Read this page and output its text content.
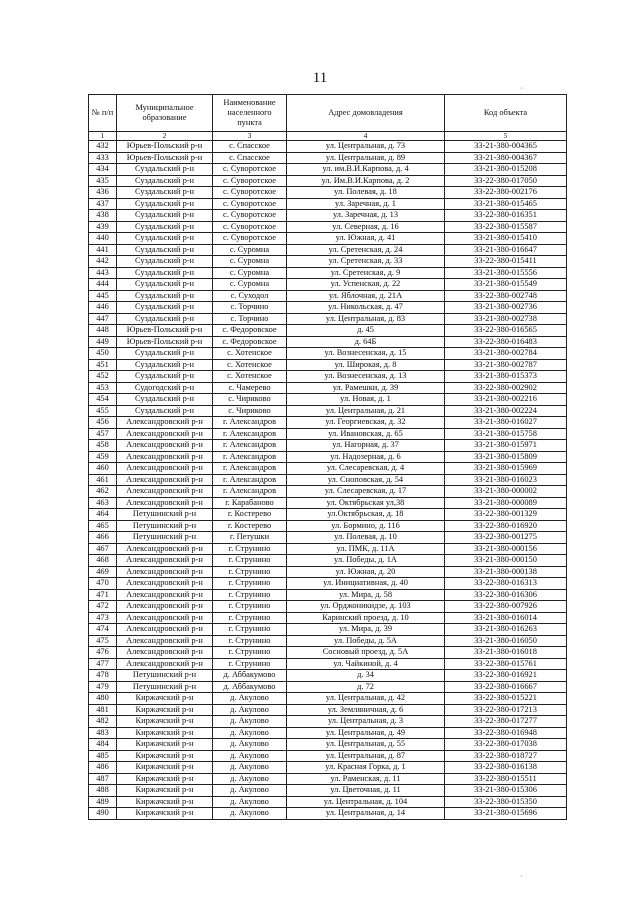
11
№ п/п	Муниципальное образование	Наименование населенного пункта	Адрес домовладения	Код объекта
1	2	3	4	5
432	Юрьев-Польский р-н	с. Спасское	ул. Центральная, д. 73	33-21-380-004365
433	Юрьев-Польский р-н	с. Спасское	ул. Центральная, д. 89	33-21-380-004367
434	Суздальский р-н	с. Суворотское	ул. им.В.И.Карпова, д. 4	33-21-380-015208
435	Суздальский р-н	с. Суворотское	ул. Им.В.И.Карпова, д. 2	33-22-380-017050
436	Суздальский р-н	с. Суворотское	ул. Полевая, д. 18	33-22-380-002176
437	Суздальский р-н	с. Суворотское	ул. Заречная, д. 1	33-21-380-015465
438	Суздальский р-н	с. Суворотское	ул. Заречная, д. 13	33-22-380-016351
439	Суздальский р-н	с. Суворотское	ул. Северная, д. 16	33-22-380-015587
440	Суздальский р-н	с. Суворотское	ул. Южная, д. 41	33-21-380-015410
441	Суздальский р-н	с. Суромна	ул. Сретенская, д. 24	33-21-380-016647
442	Суздальский р-н	с. Суромна	ул. Сретенская, д. 33	33-22-380-015411
443	Суздальский р-н	с. Суромна	ул. Сретенская, д. 9	33-21-380-015556
444	Суздальский р-н	с. Суромна	ул. Успенская, д. 22	33-21-380-015549
445	Суздальский р-н	с. Суходол	ул. Яблочная, д. 21А	33-22-380-002748
446	Суздальский р-н	с. Торчино	ул. Никольская, д. 47	33-21-380-002736
447	Суздальский р-н	с. Торчино	ул. Центральная, д. 83	33-21-380-002738
448	Юрьев-Польский р-н	с. Федоровское	д. 45	33-22-380-016565
449	Юрьев-Польский р-н	с. Федоровское	д. 64Б	33-22-380-016483
450	Суздальский р-н	с. Хотенское	ул. Вознесенская, д. 15	33-21-380-002784
451	Суздальский р-н	с. Хотенское	ул. Широкая, д. 8	33-21-380-002787
452	Суздальский р-н	с. Хотенское	ул. Вознесенская, д. 13	33-21-380-015373
453	Судогодский р-н	с. Чамерево	ул. Рамешки, д. 39	33-22-380-002902
454	Суздальский р-н	с. Чириково	ул. Новая, д. 1	33-21-380-002216
455	Суздальский р-н	с. Чириково	ул. Центральная, д. 21	33-21-380-002224
456	Александровский р-н	г. Александров	ул. Георгиевская, д. 32	33-21-380-016027
457	Александровский р-н	г. Александров	ул. Ивановская, д. 65	33-21-380-015758
458	Александровский р-н	г. Александров	ул. Нагорная, д. 37	33-21-380-015971
459	Александровский р-н	г. Александров	ул. Надозерная, д. 6	33-21-380-015809
460	Александровский р-н	г. Александров	ул. Слесаревская, д. 4	33-21-380-015969
461	Александровский р-н	г. Александров	ул. Сноповская, д. 54	33-21-380-016023
462	Александровский р-н	г. Александров	ул. Слесаревская, д. 17	33-21-380-000002
463	Александровский р-н	г. Карабаново	ул. Октябрьская ул,38	33-21-380-000089
464	Петушинский р-н	г. Костерево	ул.Октябрьская, д. 18	33-22-380-001329
465	Петушинский р-н	г. Костерево	ул. Бормино, д. 116	33-22-380-016920
466	Петушинский р-н	г. Петушки	ул. Полевая, д. 10	33-22-380-001275
467	Александровский р-н	г. Струнино	ул. ПМК, д. 11А	33-21-380-000156
468	Александровский р-н	г. Струнино	ул. Победы, д. 1А	33-21-380-000150
469	Александровский р-н	г. Струнино	ул. Южная, д. 20	33-21-380-000138
470	Александровский р-н	г. Струнино	ул. Инициативная, д. 40	33-22-380-016313
471	Александровский р-н	г. Струнино	ул. Мира, д. 58	33-22-380-016306
472	Александровский р-н	г. Струнино	ул. Орджоникидзе, д. 103	33-22-380-007926
473	Александровский р-н	г. Струнино	Каринский проезд, д. 10	33-21-380-016014
474	Александровский р-н	г. Струнино	ул. Мира, д. 39	33-21-380-016263
475	Александровский р-н	г. Струнино	ул. Победы, д. 5А	33-21-380-016050
476	Александровский р-н	г. Струнино	Сосновый проезд, д. 5А	33-21-380-016018
477	Александровский р-н	г. Струнино	ул. Чайкиной, д. 4	33-22-380-015761
478	Петушинский р-н	д. Аббакумово	д. 34	33-22-380-016921
479	Петушинский р-н	д. Аббакумово	д. 72	33-22-380-016667
480	Киржачский р-н	д. Акулово	ул. Центральная, д. 42	33-22-380-015221
481	Киржачский р-н	д. Акулово	ул. Земляничная, д. 6	33-22-380-017213
482	Киржачский р-н	д. Акулово	ул. Центральная, д. 3	33-22-380-017277
483	Киржачский р-н	д. Акулово	ул. Центральная, д. 49	33-22-380-016948
484	Киржачский р-н	д. Акулово	ул. Центральная, д. 55	33-22-380-017038
485	Киржачский р-н	д. Акулово	ул. Центральная, д. 87	33-22-380-018727
486	Киржачский р-н	д. Акулово	ул. Красная Горка, д. 1	33-22-380-016138
487	Киржачский р-н	д. Акулово	ул. Раменская, д. 11	33-22-380-015511
488	Киржачский р-н	д. Акулово	ул. Цветочная, д. 11	33-21-380-015306
489	Киржачский р-н	д. Акулово	ул. Центральная, д. 104	33-22-380-015350
490	Киржачский р-н	д. Акулово	ул. Центральная, д. 14	33-21-380-015696
·
·
